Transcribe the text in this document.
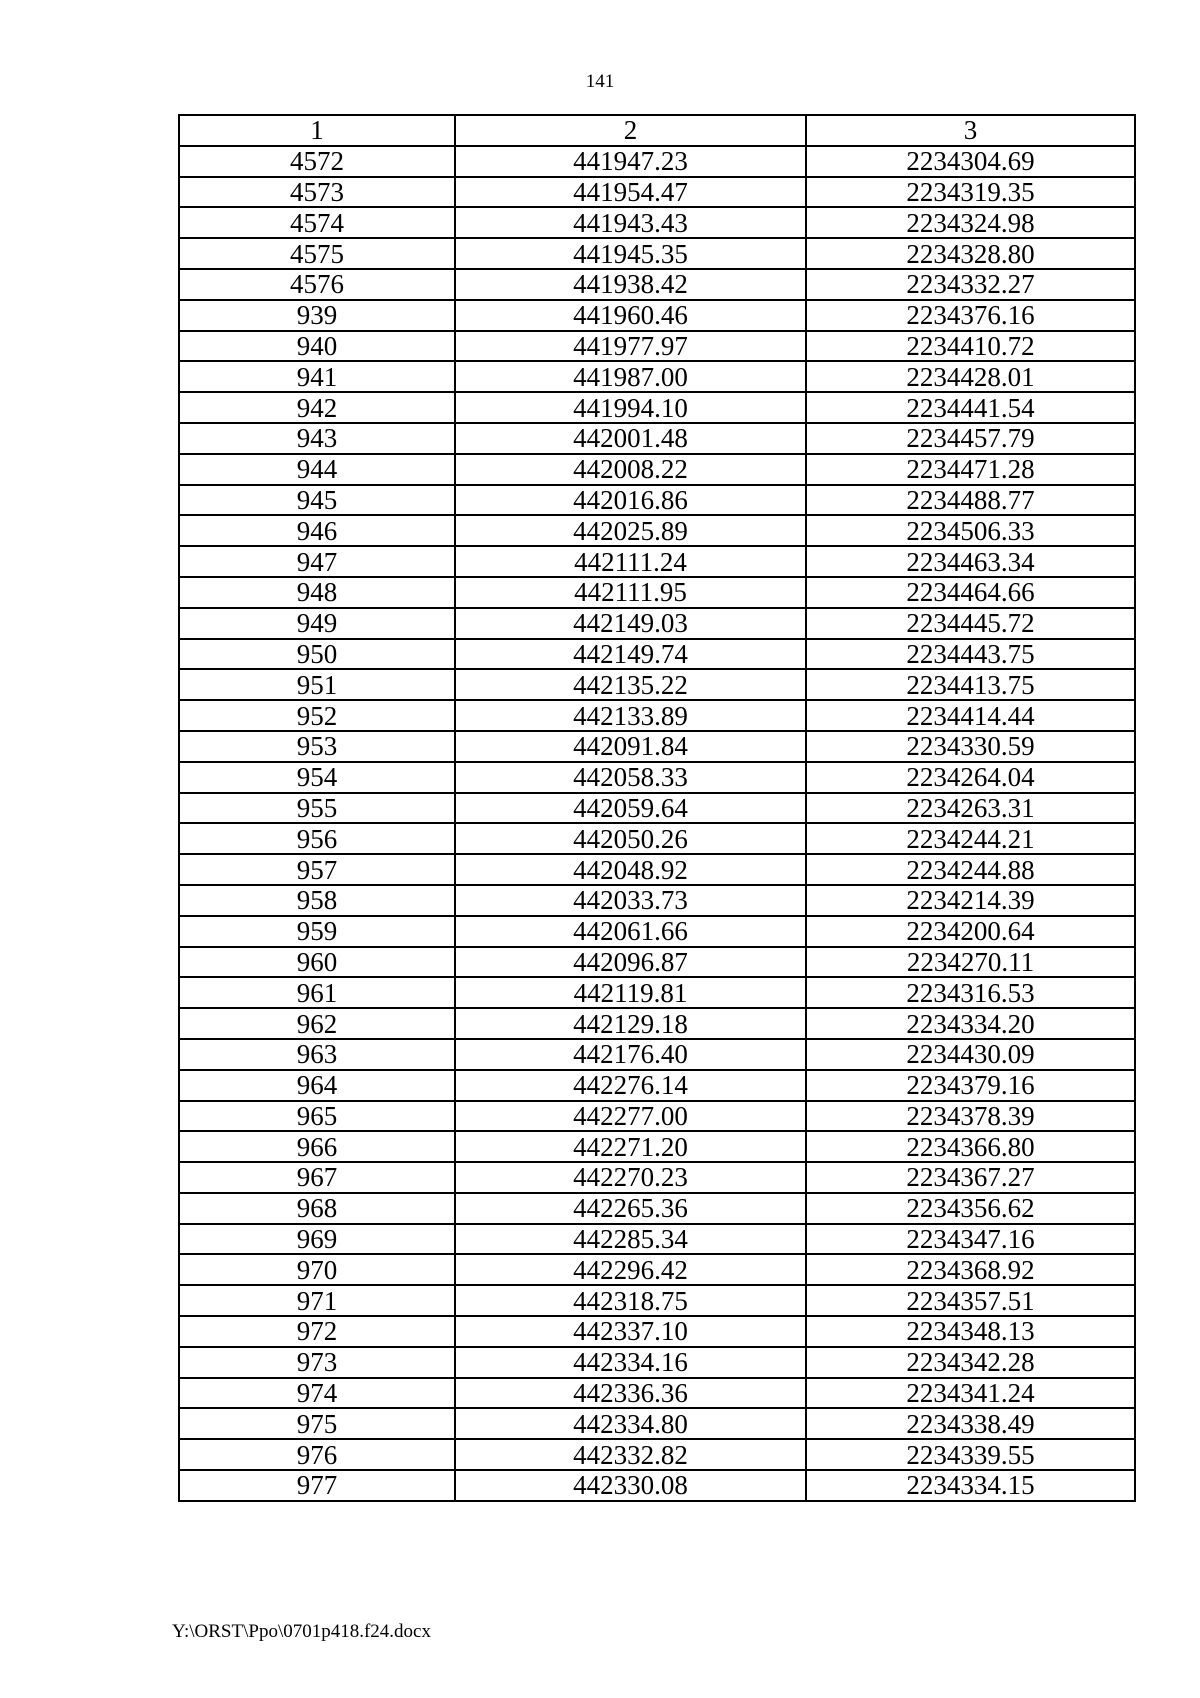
141
1	2	3
4572	441947.23	2234304.69
4573	441954.47	2234319.35
4574	441943.43	2234324.98
4575	441945.35	2234328.80
4576	441938.42	2234332.27
939	441960.46	2234376.16
940	441977.97	2234410.72
941	441987.00	2234428.01
942	441994.10	2234441.54
943	442001.48	2234457.79
944	442008.22	2234471.28
945	442016.86	2234488.77
946	442025.89	2234506.33
947	442111.24	2234463.34
948	442111.95	2234464.66
949	442149.03	2234445.72
950	442149.74	2234443.75
951	442135.22	2234413.75
952	442133.89	2234414.44
953	442091.84	2234330.59
954	442058.33	2234264.04
955	442059.64	2234263.31
956	442050.26	2234244.21
957	442048.92	2234244.88
958	442033.73	2234214.39
959	442061.66	2234200.64
960	442096.87	2234270.11
961	442119.81	2234316.53
962	442129.18	2234334.20
963	442176.40	2234430.09
964	442276.14	2234379.16
965	442277.00	2234378.39
966	442271.20	2234366.80
967	442270.23	2234367.27
968	442265.36	2234356.62
969	442285.34	2234347.16
970	442296.42	2234368.92
971	442318.75	2234357.51
972	442337.10	2234348.13
973	442334.16	2234342.28
974	442336.36	2234341.24
975	442334.80	2234338.49
976	442332.82	2234339.55
977	442330.08	2234334.15
Y:\ORST\Ppo\0701p418.f24.docx
